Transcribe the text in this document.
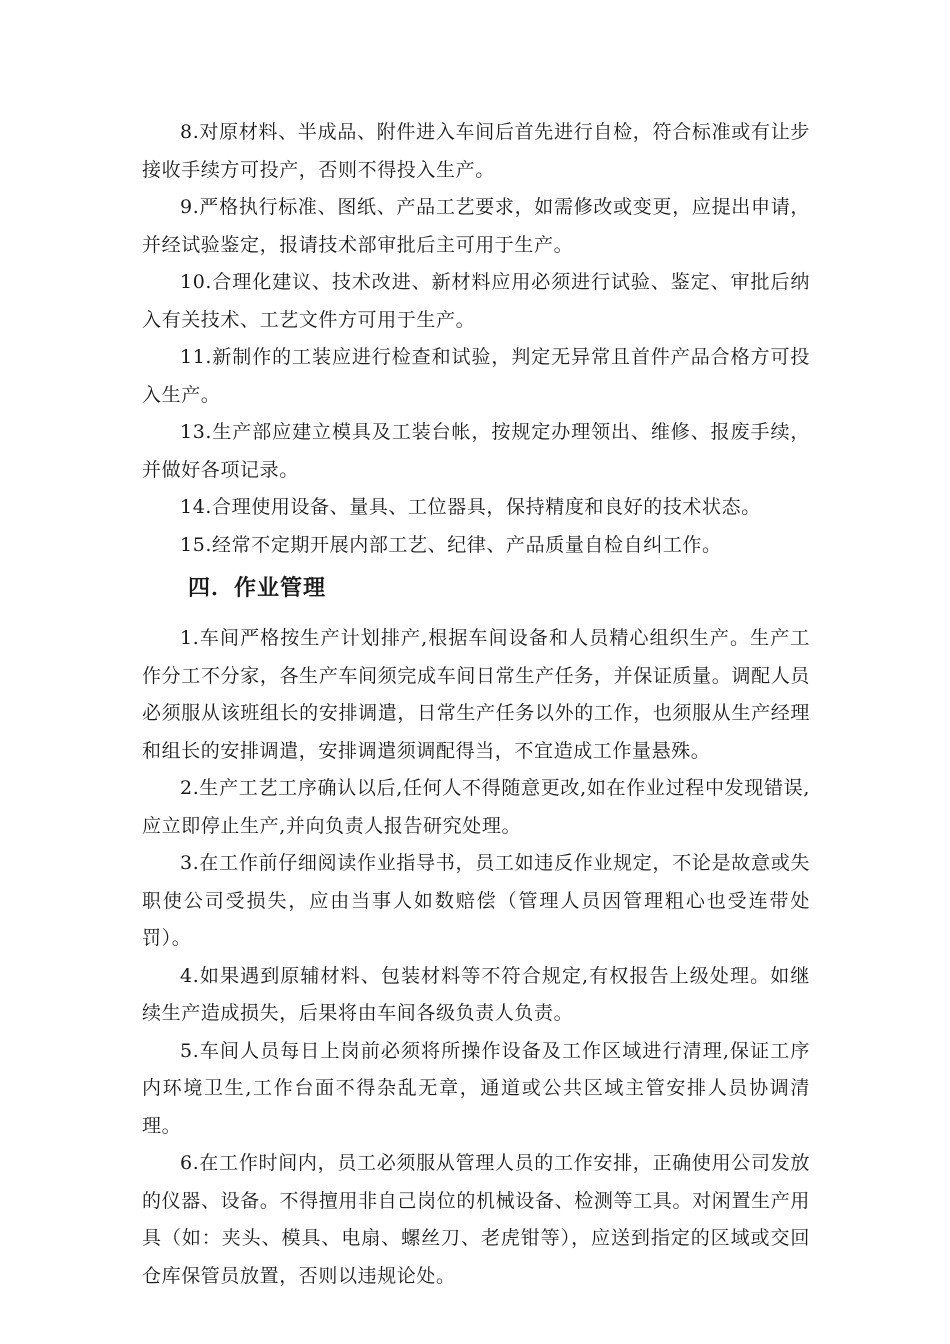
8.对原材料、半成品、附件进入车间后首先进行自检，符合标准或有让步接收手续方可投产，否则不得投入生产。

9.严格执行标准、图纸、产品工艺要求，如需修改或变更，应提出申请，并经试验鉴定，报请技术部审批后主可用于生产。

10.合理化建议、技术改进、新材料应用必须进行试验、鉴定、审批后纳入有关技术、工艺文件方可用于生产。

11.新制作的工装应进行检查和试验，判定无异常且首件产品合格方可投入生产。

13.生产部应建立模具及工装台帐，按规定办理领出、维修、报废手续，并做好各项记录。

14.合理使用设备、量具、工位器具，保持精度和良好的技术状态。

15.经常不定期开展内部工艺、纪律、产品质量自检自纠工作。

四．作业管理

1.车间严格按生产计划排产,根据车间设备和人员精心组织生产。生产工作分工不分家，各生产车间须完成车间日常生产任务，并保证质量。调配人员必须服从该班组长的安排调遣，日常生产任务以外的工作，也须服从生产经理和组长的安排调遣，安排调遣须调配得当，不宜造成工作量悬殊。

2.生产工艺工序确认以后,任何人不得随意更改,如在作业过程中发现错误,应立即停止生产,并向负责人报告研究处理。

3.在工作前仔细阅读作业指导书，员工如违反作业规定，不论是故意或失职使公司受损失，应由当事人如数赔偿（管理人员因管理粗心也受连带处罚）。

4.如果遇到原辅材料、包装材料等不符合规定,有权报告上级处理。如继续生产造成损失，后果将由车间各级负责人负责。

5.车间人员每日上岗前必须将所操作设备及工作区域进行清理,保证工序内环境卫生,工作台面不得杂乱无章，通道或公共区域主管安排人员协调清理。

6.在工作时间内，员工必须服从管理人员的工作安排，正确使用公司发放的仪器、设备。不得擅用非自己岗位的机械设备、检测等工具。对闲置生产用具（如：夹头、模具、电扇、螺丝刀、老虎钳等），应送到指定的区域或交回仓库保管员放置，否则以违规论处。
